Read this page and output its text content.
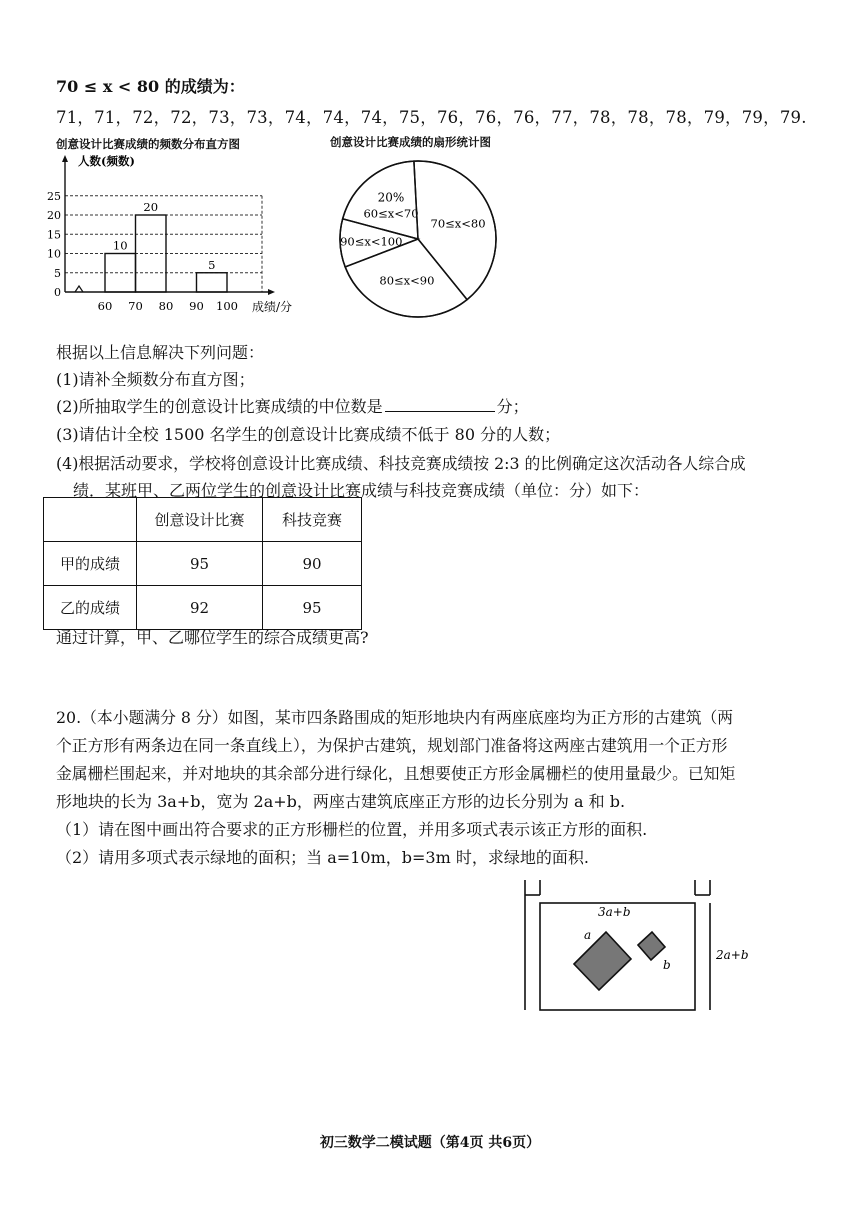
70 ≤ x < 80 的成绩为：
71，71，72，72，73，73，74，74，74，75，76，76，76，77，78，78，78，79，79，79.
创意设计比赛成绩的频数分布直方图
10
20
5
0
5
10
15
20
25
60 70 80 90 100
人数(频数)
成绩/分
创意设计比赛成绩的扇形统计图
20%
60≤x<70
70≤x<80
80≤x<90
90≤x<100
根据以上信息解决下列问题：
(1)请补全频数分布直方图；
(2)所抽取学生的创意设计比赛成绩的中位数是	分；
(3)请估计全校 1500 名学生的创意设计比赛成绩不低于 80 分的人数；
(4)根据活动要求，学校将创意设计比赛成绩、科技竞赛成绩按 2:3 的比例确定这次活动各人综合成
绩．某班甲、乙两位学生的创意设计比赛成绩与科技竞赛成绩（单位：分）如下：
	创意设计比赛	科技竞赛
甲的成绩	95	90
乙的成绩	92	95
通过计算，甲、乙哪位学生的综合成绩更高?
20.（本小题满分 8 分）如图，某市四条路围成的矩形地块内有两座底座均为正方形的古建筑（两
个正方形有两条边在同一条直线上），为保护古建筑，规划部门准备将这两座古建筑用一个正方形
金属栅栏围起来，并对地块的其余部分进行绿化，且想要使正方形金属栅栏的使用量最少。已知矩
形地块的长为 3a+b，宽为 2a+b，两座古建筑底座正方形的边长分别为 a 和 b.
（1）请在图中画出符合要求的正方形栅栏的位置，并用多项式表示该正方形的面积.
（2）请用多项式表示绿地的面积；当 a=10m，b=3m 时，求绿地的面积.
3a+b
2a+b
a
b
初三数学二模试题（第4页 共6页）
